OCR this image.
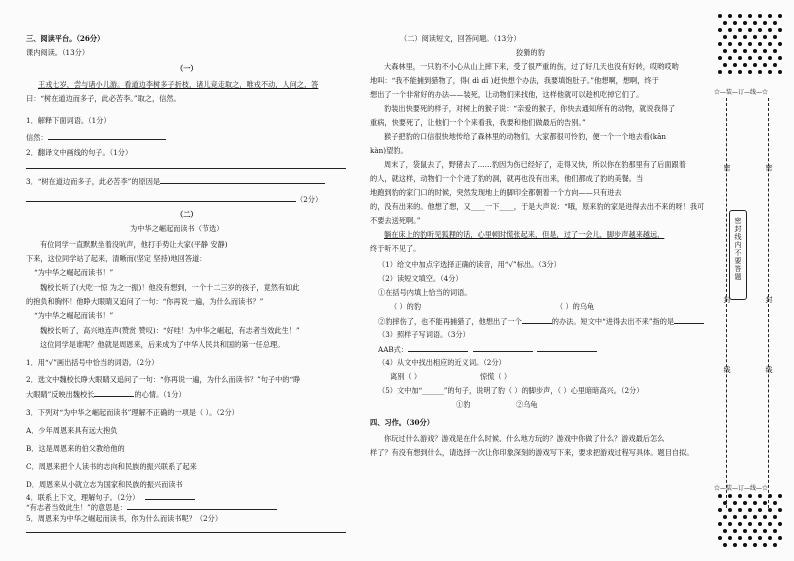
三、阅读平台。（26分）
课内阅读。（13分）
（一）
王戎七岁，尝与诸小儿游。看道边李树多子折枝，诸儿竞走取之，唯戎不动，人问之，答
曰：“树在道边而多子，此必苦李。”取之，信然。
1．解释下面词语。（1分）
信然：
2．翻译文中画线的句子。（1分）
3．“树在道边而多子，此必苦李”的原因是
（2分）
（二）
为中华之崛起而读书（节选）
有位同学一直默默坐着没吭声，他打手势让大家(平静 安静)
下来，这位同学站了起来，清晰而(坚定 坚持)地回答道：
“为中华之崛起而读书！”
魏校长听了(大吃一惊 为之一振)！他没有想到，一个十二三岁的孩子，竟然有如此
的抱负和胸怀！他睁大眼睛又追问了一句：“你再说一遍，为什么而读书？”
“为中华之崛起而读书！”
魏校长听了，高兴地连声(赞赏 赞叹)：“好哇！为中华之崛起，有志者当效此生！”
这位同学是谁呢？他就是周恩来，后来成为了中华人民共和国的第一任总理。
1．用“√”画出括号中恰当的词语。（2分）
2．选文中魏校长睁大眼睛又追问了一句：“你再说一遍，为什么而读书？”句子中的“睁
大眼睛”反映出魏校长	的心情。（1分）
3．下列对“为中华之崛起而读书”理解不正确的一项是（ ）。（2分）
A．少年周恩来具有远大抱负
B．这是周恩来的伯父教给他的
C．周恩来把个人读书的志向和民族的振兴联系了起来
D．周恩来从小就立志为国家和民族的振兴而读书
4．联系上下文，理解句子。（2分）
“有志者当效此生！”的意思是：
5．周恩来为中华之崛起而读书，你为什么而读书呢？（2分）
（二）阅读短文，回答问题。（13分）
狡猾的豹
大森林里，一只豹不小心从山上摔下来，受了很严重的伤，过了好几天也没有好转，哎哟哎哟
地叫：“我不能捕到猎物了，得( dì dǐ )赶快想个办法，我要填饱肚子。”他想啊，想啊，终于
想出了一个非常好的办法——装死，让动物们来找他，这样他就可以趁机吃掉它们了。
豹装出快要死的样子，对树上的猴子说：“亲爱的猴子，你快去通知所有的动物，就说我得了
重病，快要死了，让他们一个个来看我，我要和他们做最后的告别。”
猴子把豹的口信很快地传给了森林里的动物们，大家都很可怜豹，便一个一个地去看(kān
kàn)望豹。
周末了，袋鼠去了，野猪去了……豹因为伤已经好了，走得又快，所以你在豹那里有了后面跟着
的人，就这样，动物们一个个进了豹的洞，就再也没有出来，他们都成了豹的美餐。当
地跑到豹的家门口的时候，突然发现地上的脚印全都朝着一个方向——只有进去
的，没有出来的。他想了想，又____一下____，于是大声说：“哦，原来豹的家是进得去出不来的呀！我可
不要去送死啊。”
躺在床上的豹听见狐狸的话，心里顿时慌张起来，但是，过了一会儿，脚步声越来越远，
终于听不见了。
（1）给文中加点字选择正确的读音，用“√”标出。（3分）
（2）读短文填空。（4分）
①在括号内填上恰当的词语。
（ ）的豹	（ ）的乌龟
②豹摔伤了，也不能再捕猎了，他想出了一个	的办法。短文中“进得去出不来”指的是
（3）照样子写词语。（3分）
AAB式：
（4）从文中找出相应的近义词。（2分）
离别（ ）	惊慌（ ）
（5）文中加“______”的句子，说明了豹（ ）的脚步声，（ ）心里暗暗高兴。（2分）
①豹	②乌龟
四、习作。（30分）
你玩过什么游戏？游戏是在什么时候、什么地方玩的？游戏中你做了什么？游戏最后怎么
样了？有没有想到什么，请选择一次让你印象深刻的游戏写下来，要求把游戏过程写具体。题目自拟。
密
封
线
密
封
线
☆—装—订—线—☆
☆—装—订—线—☆
密封线内不要答题
